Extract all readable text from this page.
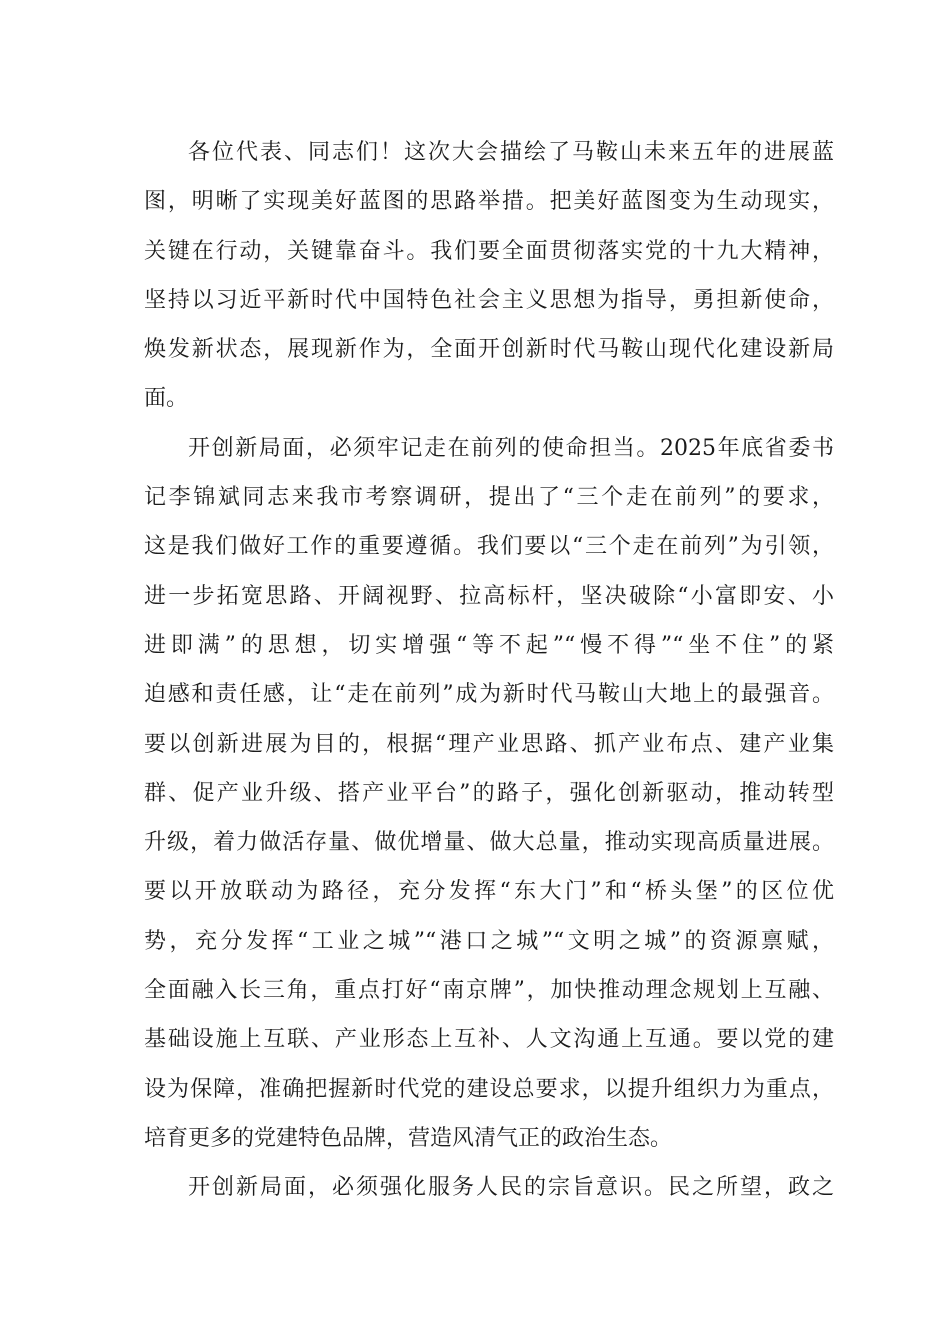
各位代表、同志们！这次大会描绘了马鞍山未来五年的进展蓝
图，明晰了实现美好蓝图的思路举措。把美好蓝图变为生动现实，
关键在行动，关键靠奋斗。我们要全面贯彻落实党的十九大精神，
坚持以习近平新时代中国特色社会主义思想为指导，勇担新使命，
焕发新状态，展现新作为，全面开创新时代马鞍山现代化建设新局
面。
开创新局面，必须牢记走在前列的使命担当。2025年底省委书
记李锦斌同志来我市考察调研，提出了“三个走在前列”的要求，
这是我们做好工作的重要遵循。我们要以“三个走在前列”为引领，
进一步拓宽思路、开阔视野、拉高标杆，坚决破除“小富即安、小
进即满”的思想，切实增强“等不起”“慢不得”“坐不住”的紧
迫感和责任感，让“走在前列”成为新时代马鞍山大地上的最强音。
要以创新进展为目的，根据“理产业思路、抓产业布点、建产业集
群、促产业升级、搭产业平台”的路子，强化创新驱动，推动转型
升级，着力做活存量、做优增量、做大总量，推动实现高质量进展。
要以开放联动为路径，充分发挥“东大门”和“桥头堡”的区位优
势，充分发挥“工业之城”“港口之城”“文明之城”的资源禀赋，
全面融入长三角，重点打好“南京牌”，加快推动理念规划上互融、
基础设施上互联、产业形态上互补、人文沟通上互通。要以党的建
设为保障，准确把握新时代党的建设总要求，以提升组织力为重点，
培育更多的党建特色品牌，营造风清气正的政治生态。
开创新局面，必须强化服务人民的宗旨意识。民之所望，政之
